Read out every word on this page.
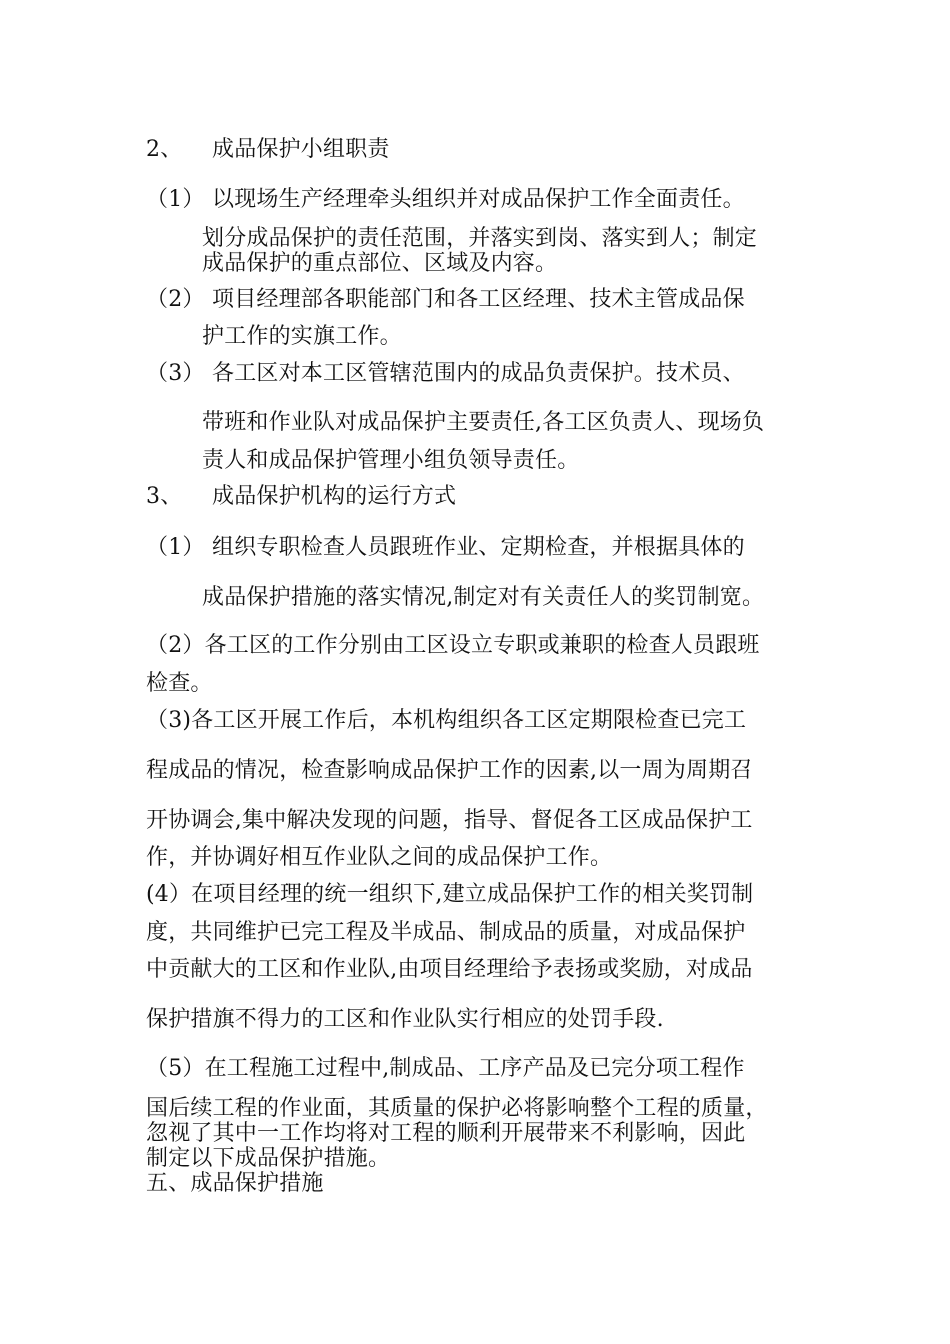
2、 成品保护小组职责
（1） 以现场生产经理牵头组织并对成品保护工作全面责任。
划分成品保护的责任范围，并落实到岗、落实到人；制定
成品保护的重点部位、区域及内容。
（2） 项目经理部各职能部门和各工区经理、技术主管成品保
护工作的实旗工作。
（3） 各工区对本工区管辖范围内的成品负责保护。技术员、
带班和作业队对成品保护主要责任,各工区负责人、现场负
责人和成品保护管理小组负领导责任。
3、 成品保护机构的运行方式
（1） 组织专职检查人员跟班作业、定期检查，并根据具体的
成品保护措施的落实情况,制定对有关责任人的奖罚制宽。
（2）各工区的工作分别由工区设立专职或兼职的检查人员跟班
检查。
（3)各工区开展工作后，本机构组织各工区定期限检查已完工
程成品的情况，检查影响成品保护工作的因素,以一周为周期召
开协调会,集中解决发现的问题，指导、督促各工区成品保护工
作，并协调好相互作业队之间的成品保护工作。
(4）在项目经理的统一组织下,建立成品保护工作的相关奖罚制
度，共同维护已完工程及半成品、制成品的质量，对成品保护
中贡献大的工区和作业队,由项目经理给予表扬或奖励，对成品
保护措旗不得力的工区和作业队实行相应的处罚手段.
（5）在工程施工过程中,制成品、工序产品及已完分项工程作
国后续工程的作业面，其质量的保护必将影响整个工程的质量，
忽视了其中一工作均将对工程的顺利开展带来不利影响，因此
制定以下成品保护措施。
五、成品保护措施
